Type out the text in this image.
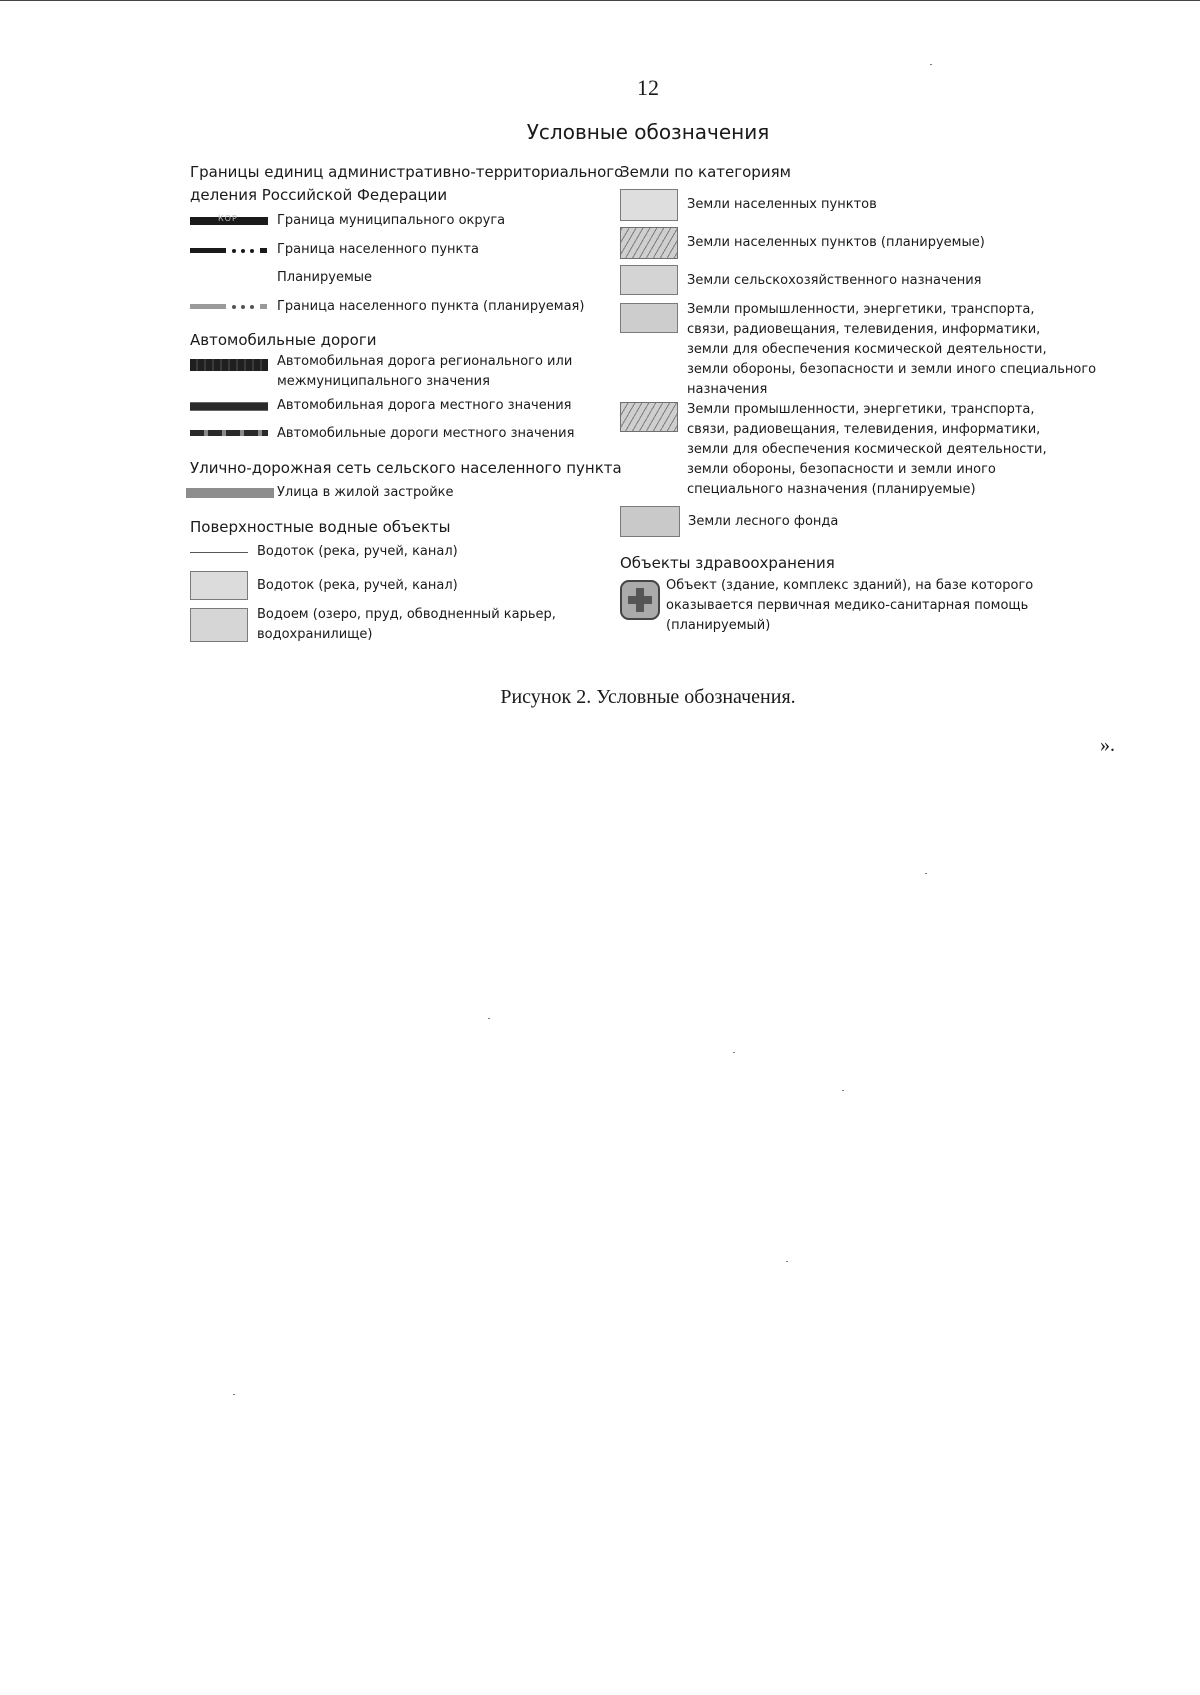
12
Условные обозначения
Границы единиц административно-территориального
деления Российской Федерации
КОР	Граница муниципального округа
Граница населенного пункта
Планируемые
Граница населенного пункта (планируемая)
Автомобильные дороги
Автомобильная дорога регионального или
межмуниципального значения
Автомобильная дорога местного значения
Автомобильные дороги местного значения
Улично-дорожная сеть сельского населенного пункта
Улица в жилой застройке
Поверхностные водные объекты
Водоток (река, ручей, канал)
Водоток (река, ручей, канал)
Водоем (озеро, пруд, обводненный карьер,
водохранилище)
Земли по категориям
Земли населенных пунктов
Земли населенных пунктов (планируемые)
Земли сельскохозяйственного назначения
Земли промышленности, энергетики, транспорта,
связи, радиовещания, телевидения, информатики,
земли для обеспечения космической деятельности,
земли обороны, безопасности и земли иного специального
назначения
Земли промышленности, энергетики, транспорта,
связи, радиовещания, телевидения, информатики,
земли для обеспечения космической деятельности,
земли обороны, безопасности и земли иного
специального назначения (планируемые)
Земли лесного фонда
Объекты здравоохранения
Объект (здание, комплекс зданий), на базе которого
оказывается первичная медико-санитарная помощь
(планируемый)
Рисунок 2. Условные обозначения.
».
